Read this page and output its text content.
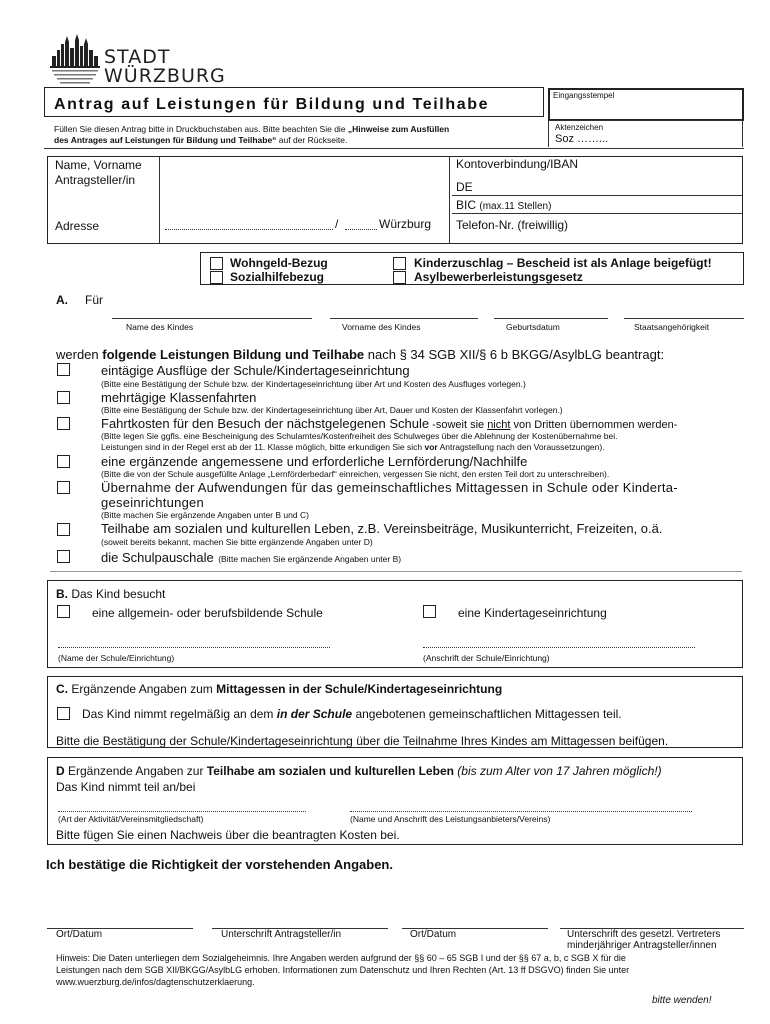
STADT
WÜRZBURG
Antrag auf Leistungen für Bildung und Teilhabe
Eingangsstempel
Füllen Sie diesen Antrag bitte in Druckbuchstaben aus. Bitte beachten Sie die „Hinweise zum Ausfüllen
des Antrages auf Leistungen für Bildung und Teilhabe“ auf der Rückseite.
Aktenzeichen
Soz ……...
Name, Vorname
Antragsteller/in
Adresse	/	Würzburg
Kontoverbindung/IBAN
DE
BIC (max.11 Stellen)
Telefon-Nr. (freiwillig)
Wohngeld-Bezug
Sozialhilfebezug
Kinderzuschlag – Bescheid ist als Anlage beigefügt!
Asylbewerberleistungsgesetz
A. Für
Name des Kindes	Vorname des Kindes	Geburtsdatum	Staatsangehörigkeit
werden folgende Leistungen Bildung und Teilhabe nach § 34 SGB XII/§ 6 b BKGG/AsylbLG beantragt:
eintägige Ausflüge der Schule/Kindertageseinrichtung
(Bitte eine Bestätigung der Schule bzw. der Kindertageseinrichtung über Art und Kosten des Ausfluges vorlegen.)
mehrtägige Klassenfahrten
(Bitte eine Bestätigung der Schule bzw. der Kindertageseinrichtung über Art, Dauer und Kosten der Klassenfahrt vorlegen.)
Fahrtkosten für den Besuch der nächstgelegenen Schule -soweit sie nicht von Dritten übernommen werden-
(Bitte legen Sie ggfls. eine Bescheinigung des Schulamtes/Kostenfreiheit des Schulweges über die Ablehnung der Kostenübernahme bei.
Leistungen sind in der Regel erst ab der 11. Klasse möglich, bitte erkundigen Sie sich vor Antragstellung nach den Voraussetzungen).
eine ergänzende angemessene und erforderliche Lernförderung/Nachhilfe
(Bitte die von der Schule ausgefüllte Anlage „Lernförderbedarf“ einreichen, vergessen Sie nicht, den ersten Teil dort zu unterschreiben).
Übernahme der Aufwendungen für das gemeinschaftliches Mittagessen in Schule oder Kinderta-
geseinrichtungen
(Bitte machen Sie ergänzende Angaben unter B und C)
Teilhabe am sozialen und kulturellen Leben, z.B. Vereinsbeiträge, Musikunterricht, Freizeiten, o.ä.
(soweit bereits bekannt, machen Sie bitte ergänzende Angaben unter D)
die Schulpauschale (Bitte machen Sie ergänzende Angaben unter B)
B. Das Kind besucht
eine allgemein- oder berufsbildende Schule	eine Kindertageseinrichtung
(Name der Schule/Einrichtung)	(Anschrift der Schule/Einrichtung)
C. Ergänzende Angaben zum Mittagessen in der Schule/Kindertageseinrichtung
Das Kind nimmt regelmäßig an dem in der Schule angebotenen gemeinschaftlichen Mittagessen teil.
Bitte die Bestätigung der Schule/Kindertageseinrichtung über die Teilnahme Ihres Kindes am Mittagessen beifügen.
D Ergänzende Angaben zur Teilhabe am sozialen und kulturellen Leben (bis zum Alter von 17 Jahren möglich!)
Das Kind nimmt teil an/bei
(Art der Aktivität/Vereinsmitgliedschaft)	(Name und Anschrift des Leistungsanbieters/Vereins)
Bitte fügen Sie einen Nachweis über die beantragten Kosten bei.
Ich bestätige die Richtigkeit der vorstehenden Angaben.
Ort/Datum	Unterschrift Antragsteller/in	Ort/Datum	Unterschrift des gesetzl. Vertreters
minderjähriger Antragsteller/innen
Hinweis: Die Daten unterliegen dem Sozialgeheimnis. Ihre Angaben werden aufgrund der §§ 60 – 65 SGB I und der §§ 67 a, b, c SGB X für die
Leistungen nach dem SGB XII/BKGG/AsylbLG erhoben. Informationen zum Datenschutz und Ihren Rechten (Art. 13 ff DSGVO) finden Sie unter
www.wuerzburg.de/infos/dagtenschutzerklaerung.
bitte wenden!
